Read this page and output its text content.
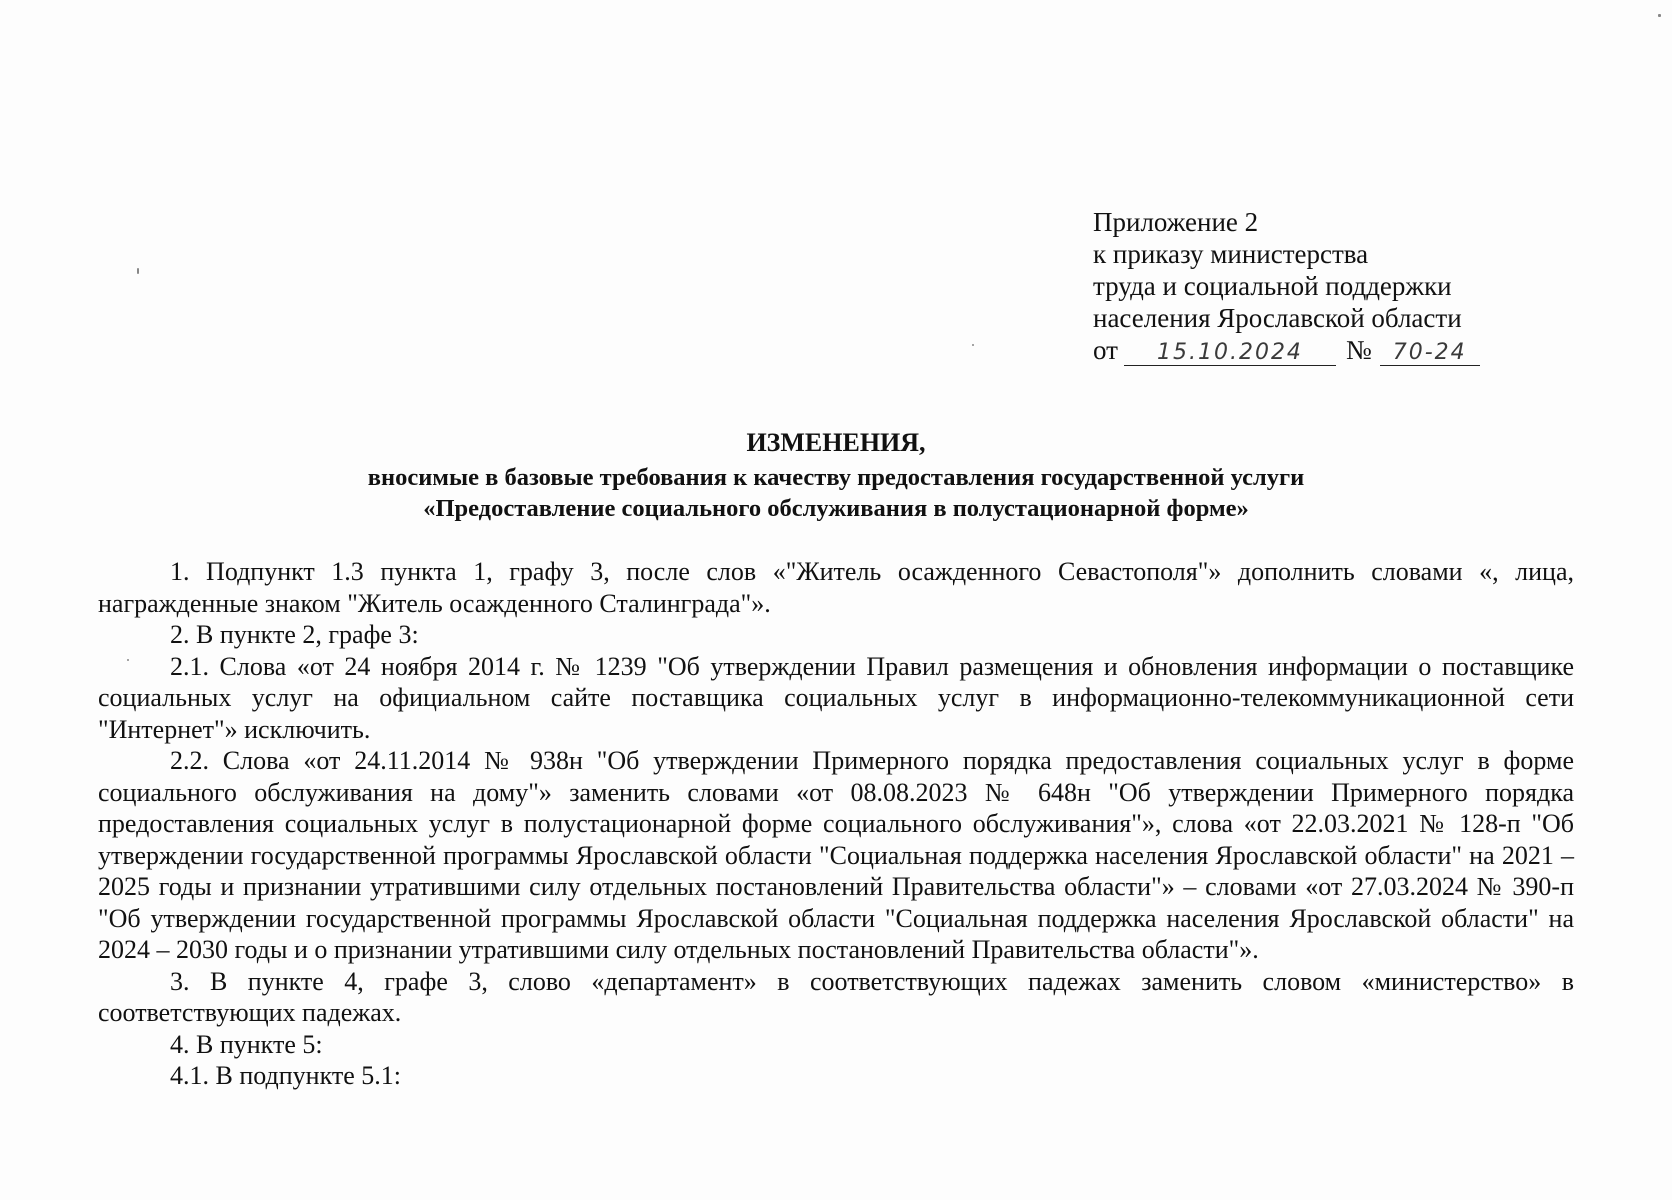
Приложение 2
к приказу министерства
труда и социальной поддержки
населения Ярославской области
от 15.10.2024 № 70-24
ИЗМЕНЕНИЯ,
вносимые в базовые требования к качеству предоставления государственной услуги
«Предоставление социального обслуживания в полустационарной форме»

1. Подпункт 1.3 пункта 1, графу 3, после слов «"Житель осажденного Севастополя"» дополнить словами «, лица, награжденные знаком "Житель осажденного Сталинграда"».

2. В пункте 2, графе 3:

2.1. Слова «от 24 ноября 2014 г. № 1239 "Об утверждении Правил размещения и обновления информации о поставщике социальных услуг на официальном сайте поставщика социальных услуг в информационно-телекоммуникационной сети "Интернет"» исключить.

2.2. Слова «от 24.11.2014 № 938н "Об утверждении Примерного порядка предоставления социальных услуг в форме социального обслуживания на дому"» заменить словами «от 08.08.2023 № 648н "Об утверждении Примерного порядка предоставления социальных услуг в полустационарной форме социального обслуживания"», слова «от 22.03.2021 № 128-п "Об утверждении государственной программы Ярославской области "Социальная поддержка населения Ярославской области" на 2021 – 2025 годы и признании утратившими силу отдельных постановлений Правительства области"» – словами «от 27.03.2024 № 390-п "Об утверждении государственной программы Ярославской области "Социальная поддержка населения Ярославской области" на 2024 – 2030 годы и о признании утратившими силу отдельных постановлений Правительства области"».

3. В пункте 4, графе 3, слово «департамент» в соответствующих падежах заменить словом «министерство» в соответствующих падежах.

4. В пункте 5:

4.1. В подпункте 5.1:
